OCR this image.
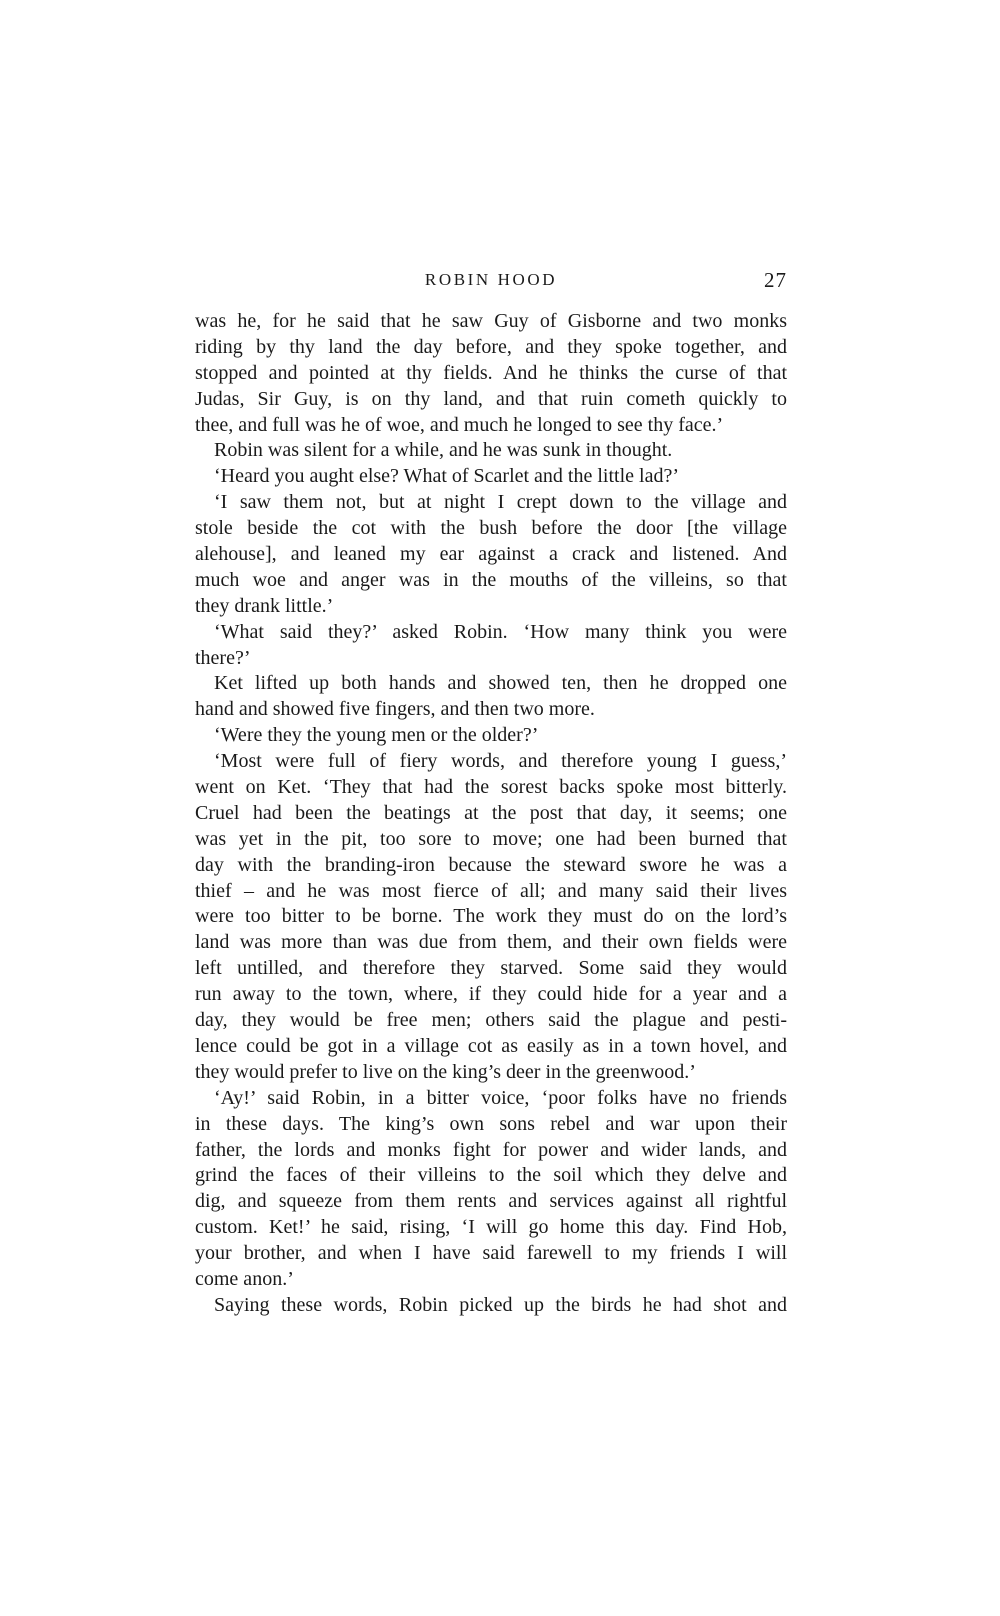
ROBIN HOOD	27
was he, for he said that he saw Guy of Gisborne and two monks
riding by thy land the day before, and they spoke together, and
stopped and pointed at thy fields. And he thinks the curse of that
Judas, Sir Guy, is on thy land, and that ruin cometh quickly to
thee, and full was he of woe, and much he longed to see thy face.’
Robin was silent for a while, and he was sunk in thought.
‘Heard you aught else? What of Scarlet and the little lad?’
‘I saw them not, but at night I crept down to the village and
stole beside the cot with the bush before the door [the village
alehouse], and leaned my ear against a crack and listened. And
much woe and anger was in the mouths of the villeins, so that
they drank little.’
‘What said they?’ asked Robin. ‘How many think you were
there?’
Ket lifted up both hands and showed ten, then he dropped one
hand and showed five fingers, and then two more.
‘Were they the young men or the older?’
‘Most were full of fiery words, and therefore young I guess,’
went on Ket. ‘They that had the sorest backs spoke most bitterly.
Cruel had been the beatings at the post that day, it seems; one
was yet in the pit, too sore to move; one had been burned that
day with the branding-iron because the steward swore he was a
thief – and he was most fierce of all; and many said their lives
were too bitter to be borne. The work they must do on the lord’s
land was more than was due from them, and their own fields were
left untilled, and therefore they starved. Some said they would
run away to the town, where, if they could hide for a year and a
day, they would be free men; others said the plague and pesti-
lence could be got in a village cot as easily as in a town hovel, and
they would prefer to live on the king’s deer in the greenwood.’
‘Ay!’ said Robin, in a bitter voice, ‘poor folks have no friends
in these days. The king’s own sons rebel and war upon their
father, the lords and monks fight for power and wider lands, and
grind the faces of their villeins to the soil which they delve and
dig, and squeeze from them rents and services against all rightful
custom. Ket!’ he said, rising, ‘I will go home this day. Find Hob,
your brother, and when I have said farewell to my friends I will
come anon.’
Saying these words, Robin picked up the birds he had shot and
